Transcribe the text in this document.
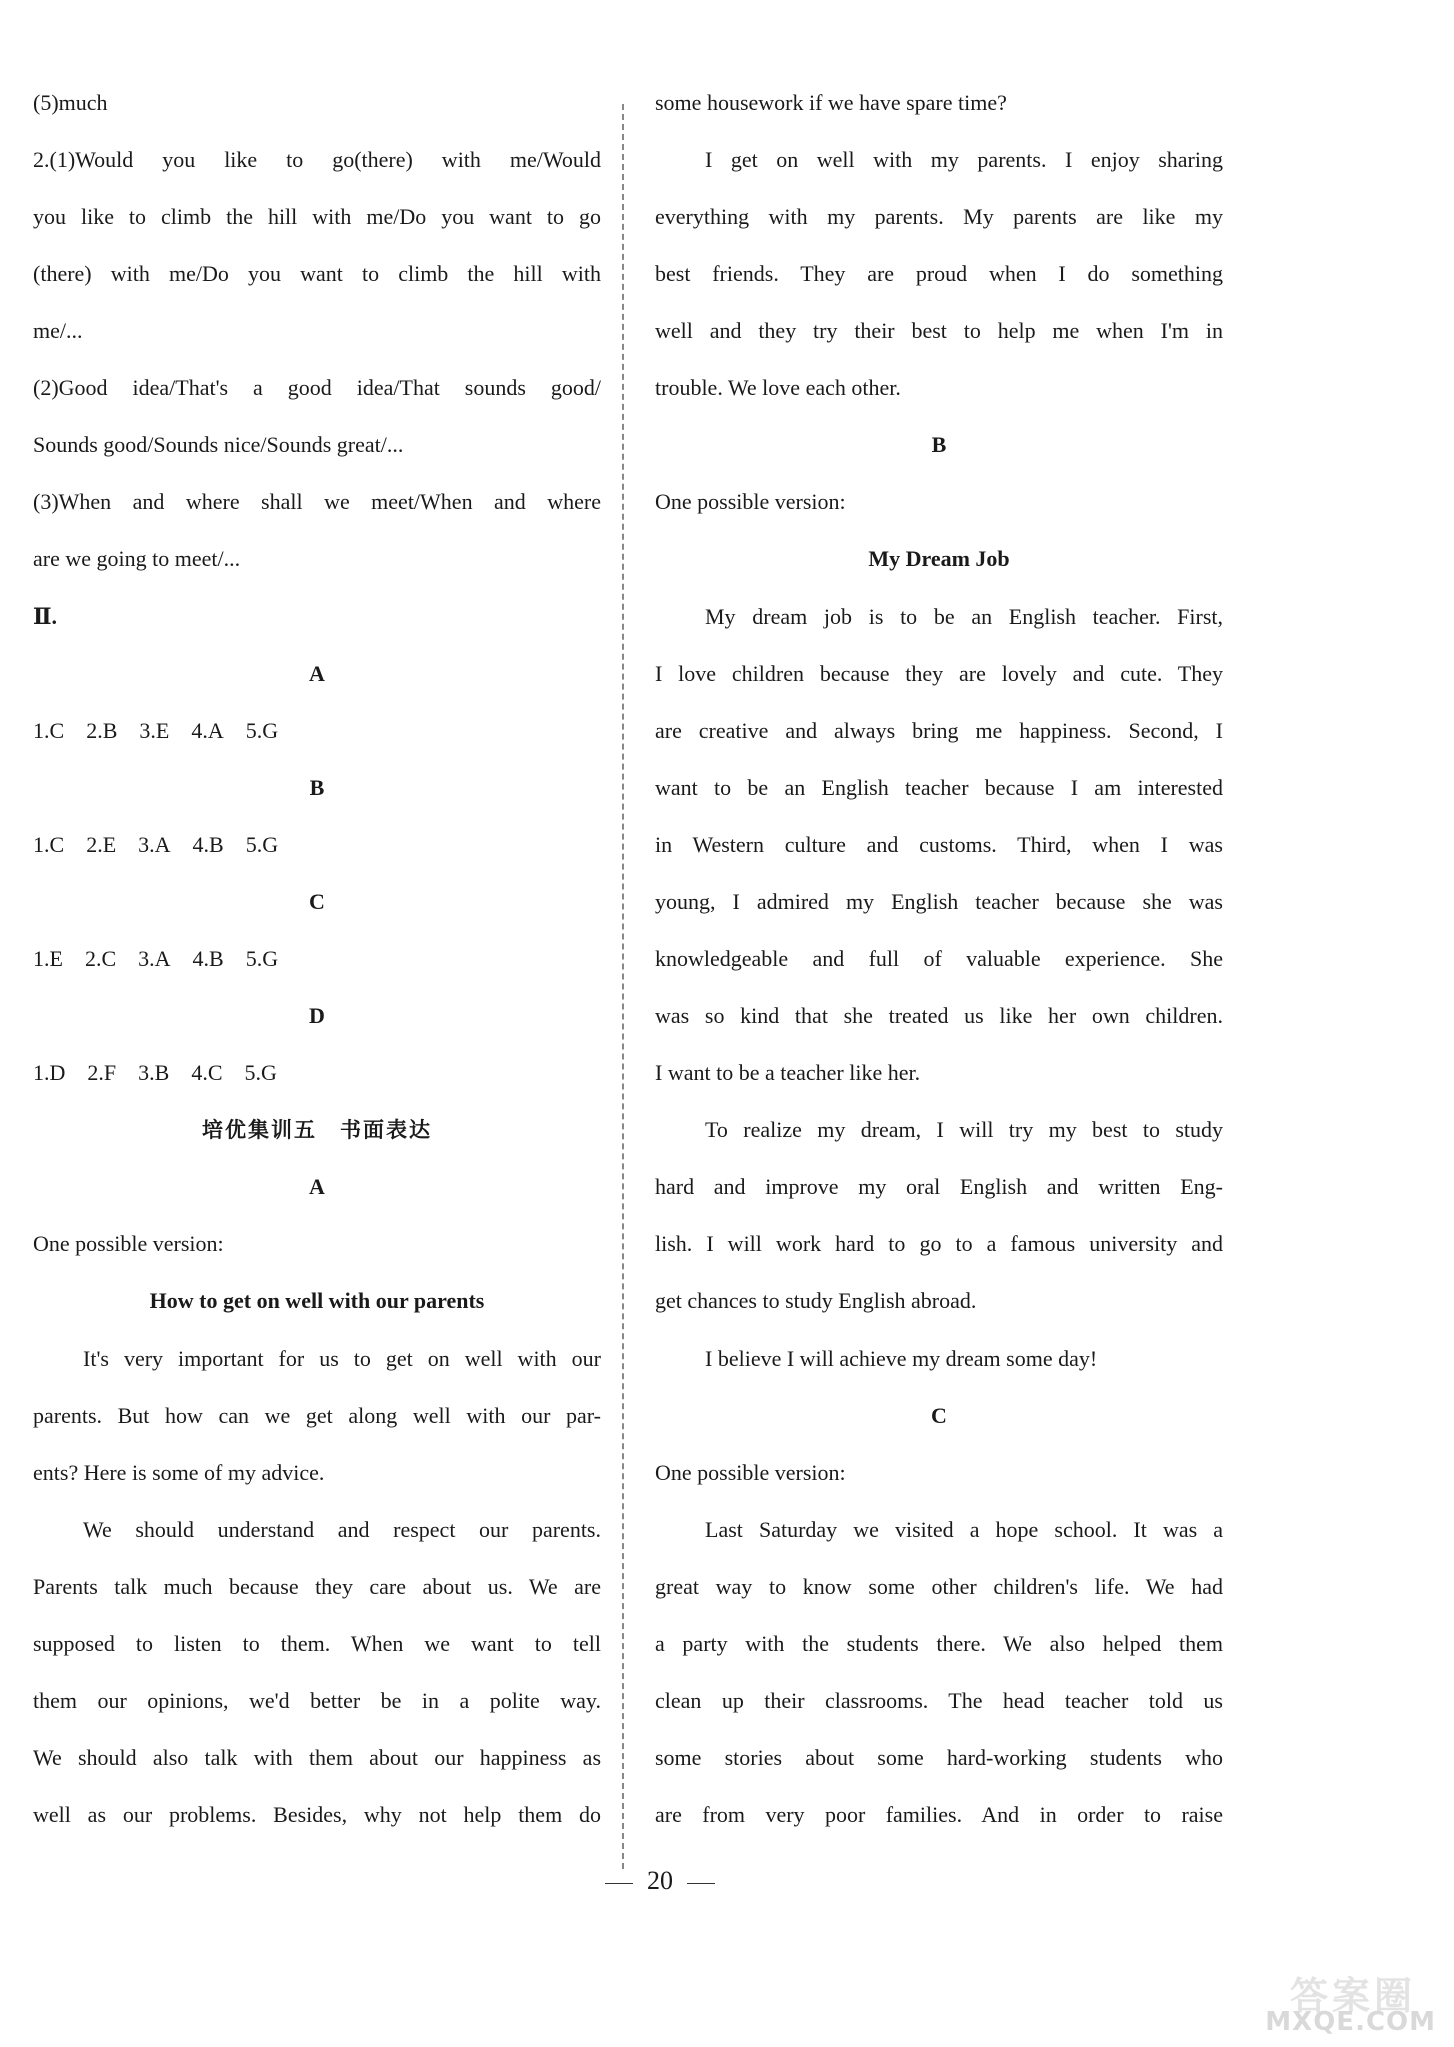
(5)much
2.(1)Would you like to go(there) with me/Would
you like to climb the hill with me/Do you want to go
(there) with me/Do you want to climb the hill with
me/...
(2)Good idea/That's a good idea/That sounds good/
Sounds good/Sounds nice/Sounds great/...
(3)When and where shall we meet/When and where
are we going to meet/...
Ⅱ.
A
B
C
D
A
One possible version:
How to get on well with our parents
It's very important for us to get on well with our
parents. But how can we get along well with our par-
ents? Here is some of my advice.
We should understand and respect our parents.
Parents talk much because they care about us. We are
supposed to listen to them. When we want to tell
them our opinions, we'd better be in a polite way.
We should also talk with them about our happiness as
well as our problems. Besides, why not help them do
1.C 2.B 3.E 4.A 5.G
1.C 2.E 3.A 4.B 5.G
1.E 2.C 3.A 4.B 5.G
1.D 2.F 3.B 4.C 5.G
培优集训五　书面表达
some housework if we have spare time?
I get on well with my parents. I enjoy sharing
everything with my parents. My parents are like my
best friends. They are proud when I do something
well and they try their best to help me when I'm in
trouble. We love each other.
B
One possible version:
My Dream Job
My dream job is to be an English teacher. First,
I love children because they are lovely and cute. They
are creative and always bring me happiness. Second, I
want to be an English teacher because I am interested
in Western culture and customs. Third, when I was
young, I admired my English teacher because she was
knowledgeable and full of valuable experience. She
was so kind that she treated us like her own children.
I want to be a teacher like her.
To realize my dream, I will try my best to study
hard and improve my oral English and written Eng-
lish. I will work hard to go to a famous university and
get chances to study English abroad.
I believe I will achieve my dream some day!
C
One possible version:
Last Saturday we visited a hope school. It was a
great way to know some other children's life. We had
a party with the students there. We also helped them
clean up their classrooms. The head teacher told us
some stories about some hard-working students who
are from very poor families. And in order to raise
20
答案圈
MXQE.COM
